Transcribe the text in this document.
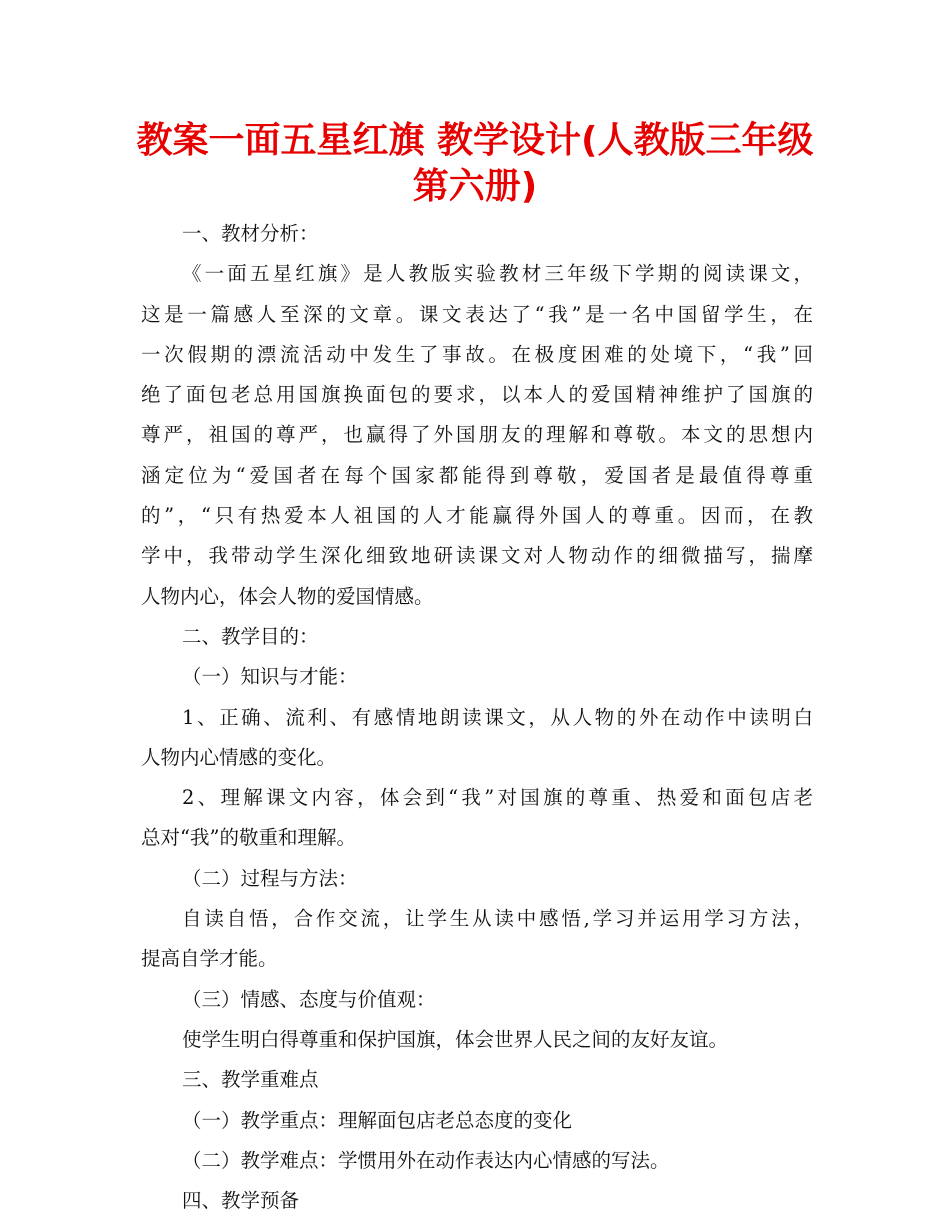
教案一面五星红旗 教学设计(人教版三年级
第六册)
一、教材分析：
《一面五星红旗》是人教版实验教材三年级下学期的阅读课文，
这是一篇感人至深的文章。课文表达了“我”是一名中国留学生，在
一次假期的漂流活动中发生了事故。在极度困难的处境下，“我”回
绝了面包老总用国旗换面包的要求，以本人的爱国精神维护了国旗的
尊严，祖国的尊严，也赢得了外国朋友的理解和尊敬。本文的思想内
涵定位为“爱国者在每个国家都能得到尊敬，爱国者是最值得尊重
的”，“只有热爱本人祖国的人才能赢得外国人的尊重。因而，在教
学中，我带动学生深化细致地研读课文对人物动作的细微描写，揣摩
人物内心，体会人物的爱国情感。
二、教学目的：
（一）知识与才能：
1、正确、流利、有感情地朗读课文，从人物的外在动作中读明白
人物内心情感的变化。
2、理解课文内容，体会到“我”对国旗的尊重、热爱和面包店老
总对“我”的敬重和理解。
（二）过程与方法：
自读自悟，合作交流，让学生从读中感悟,学习并运用学习方法，
提高自学才能。
（三）情感、态度与价值观：
使学生明白得尊重和保护国旗，体会世界人民之间的友好友谊。
三、教学重难点
（一）教学重点：理解面包店老总态度的变化
（二）教学难点：学惯用外在动作表达内心情感的写法。
四、教学预备
